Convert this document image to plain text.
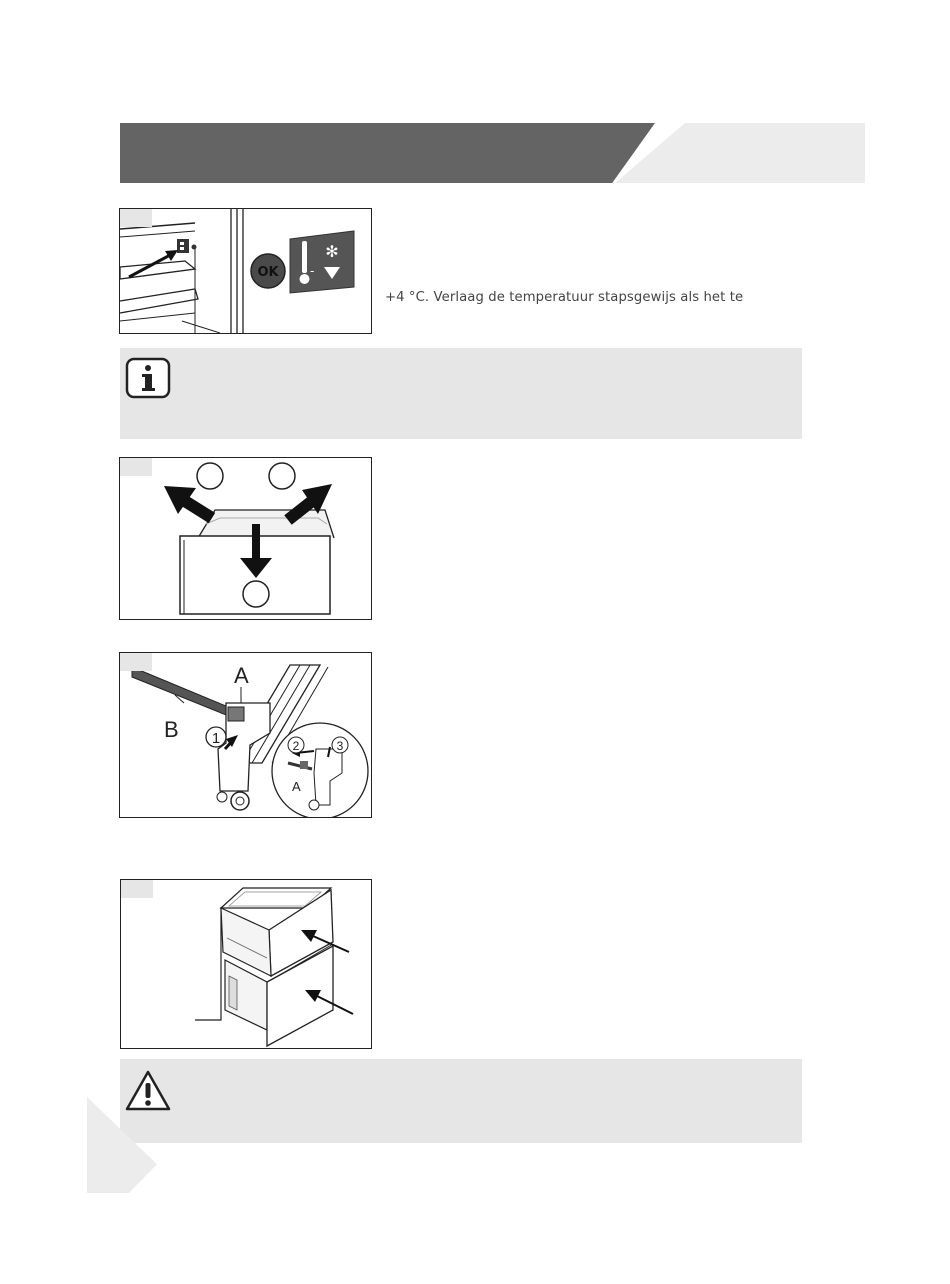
OK	-
✻
+4 °C. Verlaag de temperatuur stapsgewijs als het te
A
B 1	2	3
A
